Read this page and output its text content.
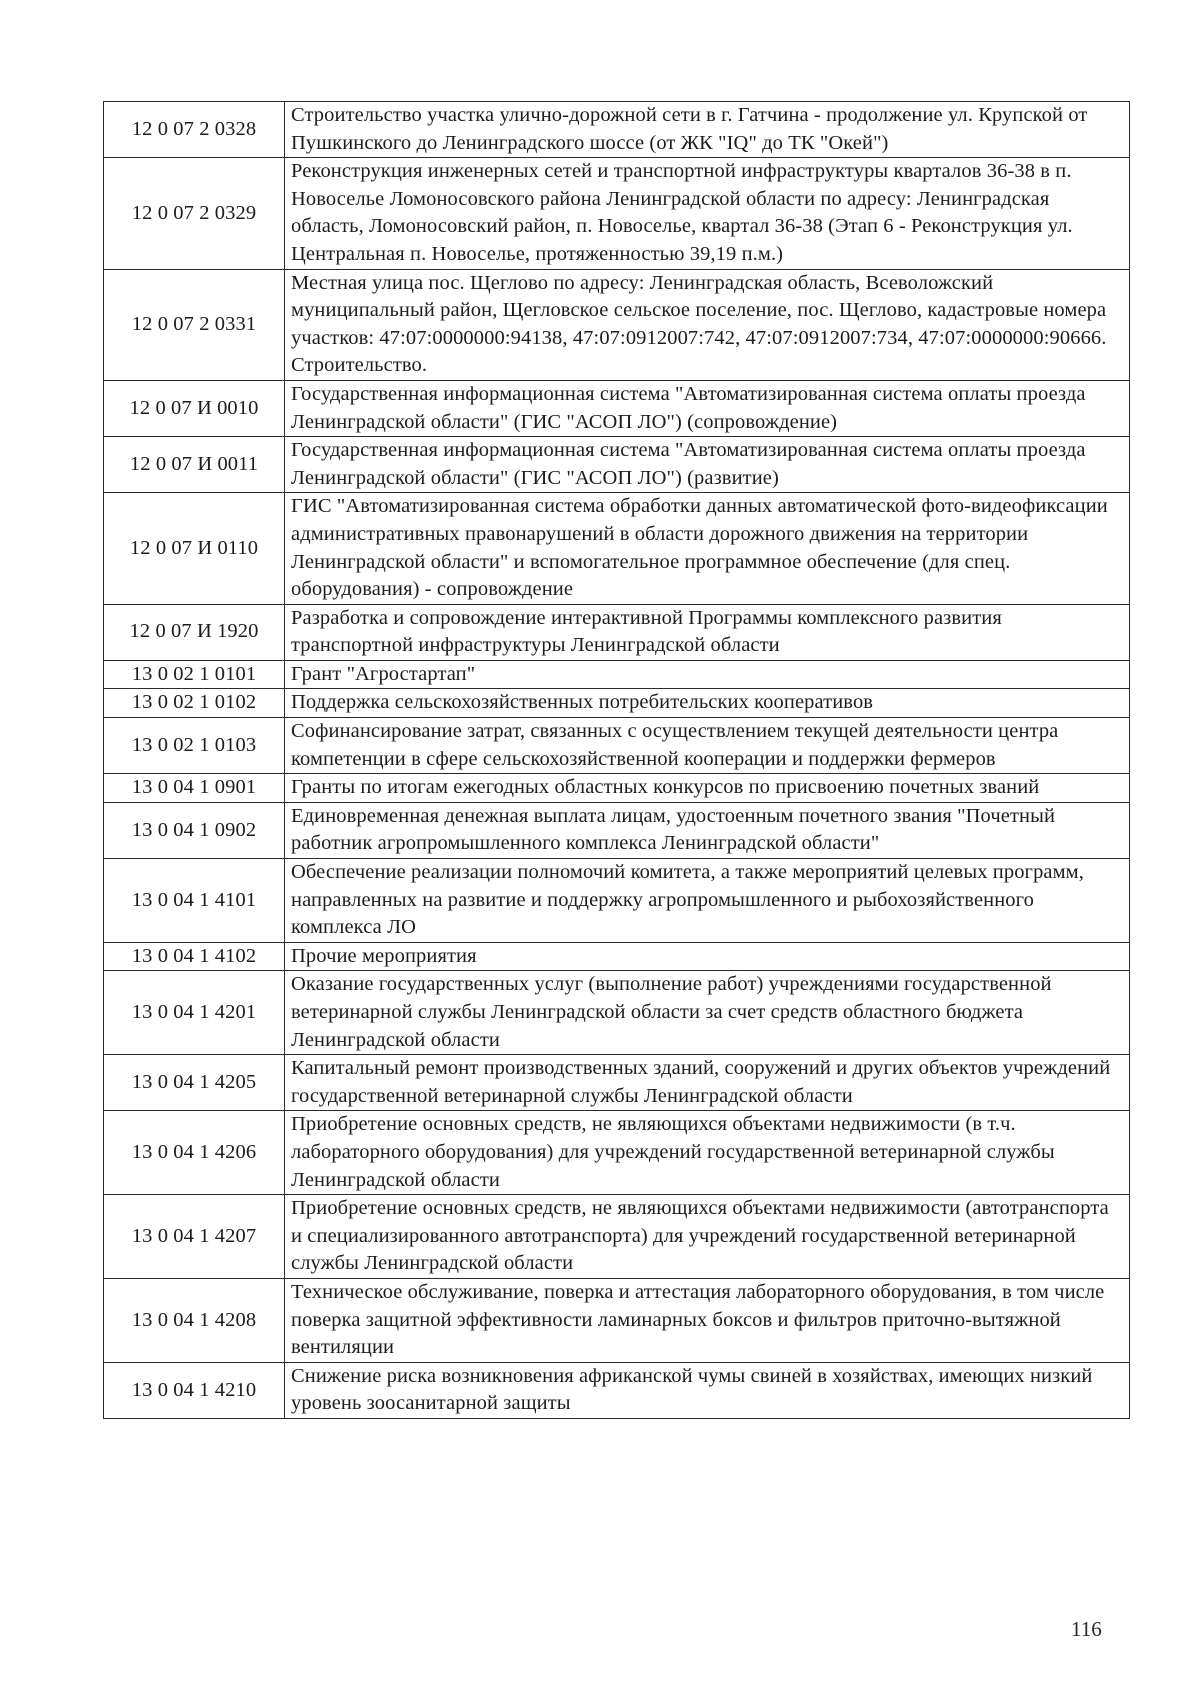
12 0 07 2 0328	Строительство участка улично-дорожной сети в г. Гатчина - продолжение ул. Крупской от Пушкинского до Ленинградского шоссе (от ЖК "IQ" до ТК "Окей")
12 0 07 2 0329	Реконструкция инженерных сетей и транспортной инфраструктуры кварталов 36-38 в п. Новоселье Ломоносовского района Ленинградской области по адресу: Ленинградская область, Ломоносовский район, п. Новоселье, квартал 36-38 (Этап 6 - Реконструкция ул. Центральная п. Новоселье, протяженностью 39,19 п.м.)
12 0 07 2 0331	Местная улица пос. Щеглово по адресу: Ленинградская область, Всеволожский муниципальный район, Щегловское сельское поселение, пос. Щеглово, кадастровые номера участков: 47:07:0000000:94138, 47:07:0912007:742, 47:07:0912007:734, 47:07:0000000:90666. Строительство.
12 0 07 И 0010	Государственная информационная система "Автоматизированная система оплаты проезда Ленинградской области" (ГИС "АСОП ЛО") (сопровождение)
12 0 07 И 0011	Государственная информационная система "Автоматизированная система оплаты проезда Ленинградской области" (ГИС "АСОП ЛО") (развитие)
12 0 07 И 0110	ГИС "Автоматизированная система обработки данных автоматической фото-видеофиксации административных правонарушений в области дорожного движения на территории Ленинградской области" и вспомогательное программное обеспечение (для спец. оборудования) - сопровождение
12 0 07 И 1920	Разработка и сопровождение интерактивной Программы комплексного развития транспортной инфраструктуры Ленинградской области
13 0 02 1 0101	Грант "Агростартап"
13 0 02 1 0102	Поддержка сельскохозяйственных потребительских кооперативов
13 0 02 1 0103	Софинансирование затрат, связанных с осуществлением текущей деятельности центра компетенции в сфере сельскохозяйственной кооперации и поддержки фермеров
13 0 04 1 0901	Гранты по итогам ежегодных областных конкурсов по присвоению почетных званий
13 0 04 1 0902	Единовременная денежная выплата лицам, удостоенным почетного звания "Почетный работник агропромышленного комплекса Ленинградской области"
13 0 04 1 4101	Обеспечение реализации полномочий комитета, а также мероприятий целевых программ, направленных на развитие и поддержку агропромышленного и рыбохозяйственного комплекса ЛО
13 0 04 1 4102	Прочие мероприятия
13 0 04 1 4201	Оказание государственных услуг (выполнение работ) учреждениями государственной ветеринарной службы Ленинградской области за счет средств областного бюджета Ленинградской области
13 0 04 1 4205	Капитальный ремонт производственных зданий, сооружений и других объектов учреждений государственной ветеринарной службы Ленинградской области
13 0 04 1 4206	Приобретение основных средств, не являющихся объектами недвижимости (в т.ч. лабораторного оборудования) для учреждений государственной ветеринарной службы Ленинградской области
13 0 04 1 4207	Приобретение основных средств, не являющихся объектами недвижимости (автотранспорта и специализированного автотранспорта) для учреждений государственной ветеринарной службы Ленинградской области
13 0 04 1 4208	Техническое обслуживание, поверка и аттестация лабораторного оборудования, в том числе поверка защитной эффективности ламинарных боксов и фильтров приточно-вытяжной вентиляции
13 0 04 1 4210	Снижение риска возникновения африканской чумы свиней в хозяйствах, имеющих низкий уровень зоосанитарной защиты
116
